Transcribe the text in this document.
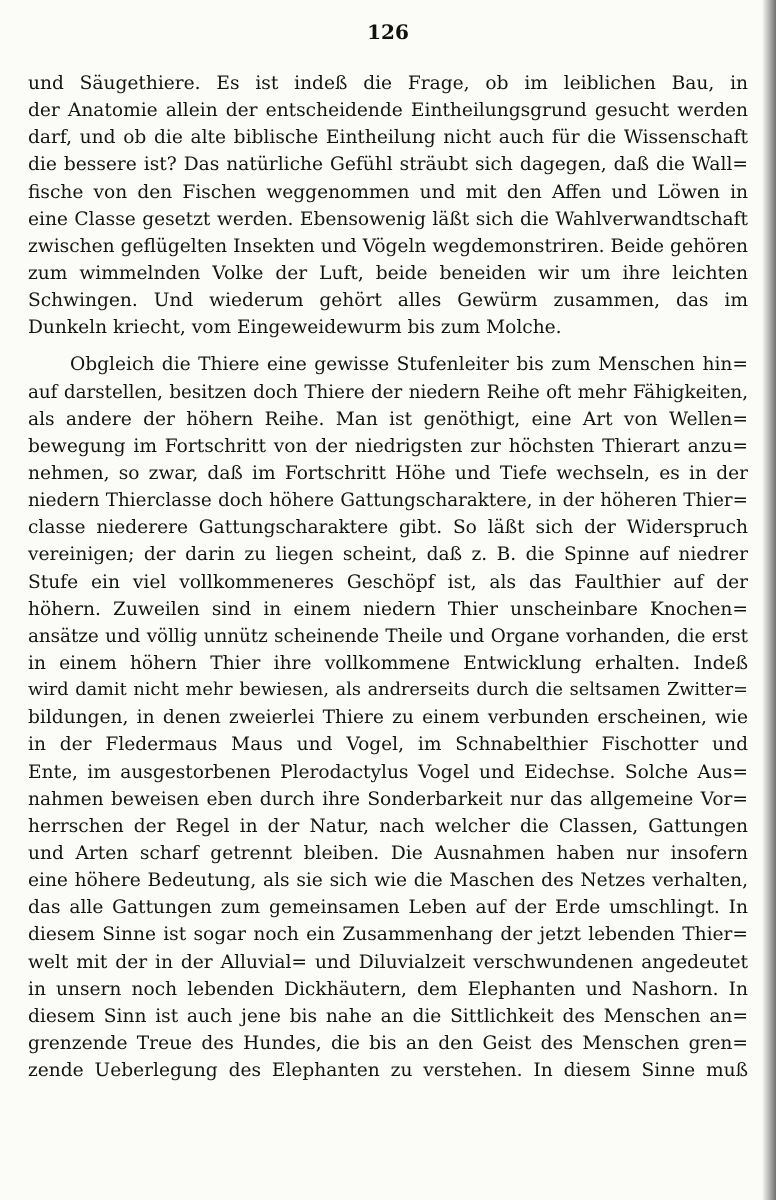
126
und Säugethiere. Es ist indeß die Frage, ob im leiblichen Bau, in
der Anatomie allein der entscheidende Eintheilungsgrund gesucht werden
darf, und ob die alte biblische Eintheilung nicht auch für die Wissenschaft
die bessere ist? Das natürliche Gefühl sträubt sich dagegen, daß die Wall=
fische von den Fischen weggenommen und mit den Affen und Löwen in
eine Classe gesetzt werden. Ebensowenig läßt sich die Wahlverwandtschaft
zwischen geflügelten Insekten und Vögeln wegdemonstriren. Beide gehören
zum wimmelnden Volke der Luft, beide beneiden wir um ihre leichten
Schwingen. Und wiederum gehört alles Gewürm zusammen, das im
Dunkeln kriecht, vom Eingeweidewurm bis zum Molche.
Obgleich die Thiere eine gewisse Stufenleiter bis zum Menschen hin=
auf darstellen, besitzen doch Thiere der niedern Reihe oft mehr Fähigkeiten,
als andere der höhern Reihe. Man ist genöthigt, eine Art von Wellen=
bewegung im Fortschritt von der niedrigsten zur höchsten Thierart anzu=
nehmen, so zwar, daß im Fortschritt Höhe und Tiefe wechseln, es in der
niedern Thierclasse doch höhere Gattungscharaktere, in der höheren Thier=
classe niederere Gattungscharaktere gibt. So läßt sich der Widerspruch
vereinigen; der darin zu liegen scheint, daß z. B. die Spinne auf niedrer
Stufe ein viel vollkommeneres Geschöpf ist, als das Faulthier auf der
höhern. Zuweilen sind in einem niedern Thier unscheinbare Knochen=
ansätze und völlig unnütz scheinende Theile und Organe vorhanden, die erst
in einem höhern Thier ihre vollkommene Entwicklung erhalten. Indeß
wird damit nicht mehr bewiesen, als andrerseits durch die seltsamen Zwitter=
bildungen, in denen zweierlei Thiere zu einem verbunden erscheinen, wie
in der Fledermaus Maus und Vogel, im Schnabelthier Fischotter und
Ente, im ausgestorbenen Plerodactylus Vogel und Eidechse. Solche Aus=
nahmen beweisen eben durch ihre Sonderbarkeit nur das allgemeine Vor=
herrschen der Regel in der Natur, nach welcher die Classen, Gattungen
und Arten scharf getrennt bleiben. Die Ausnahmen haben nur insofern
eine höhere Bedeutung, als sie sich wie die Maschen des Netzes verhalten,
das alle Gattungen zum gemeinsamen Leben auf der Erde umschlingt. In
diesem Sinne ist sogar noch ein Zusammenhang der jetzt lebenden Thier=
welt mit der in der Alluvial= und Diluvialzeit verschwundenen angedeutet
in unsern noch lebenden Dickhäutern, dem Elephanten und Nashorn. In
diesem Sinn ist auch jene bis nahe an die Sittlichkeit des Menschen an=
grenzende Treue des Hundes, die bis an den Geist des Menschen gren=
zende Ueberlegung des Elephanten zu verstehen. In diesem Sinne muß
